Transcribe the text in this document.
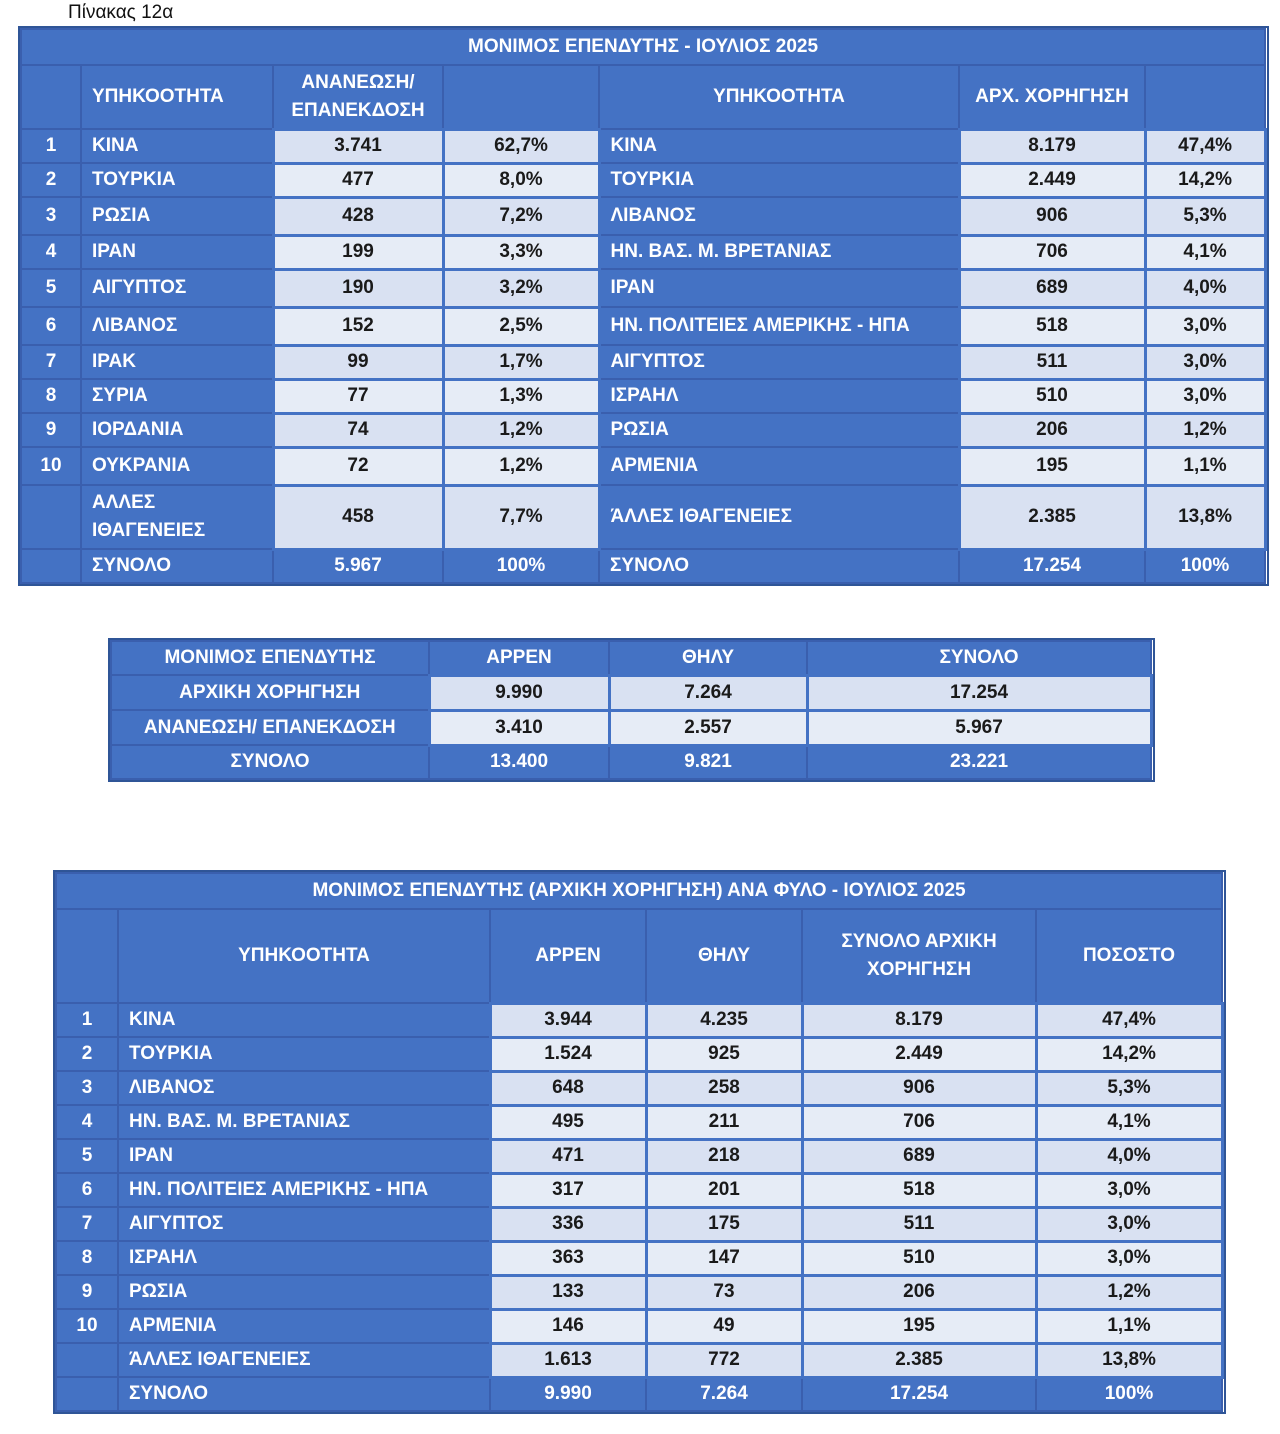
Πίνακας 12α
ΜΟΝΙΜΟΣ ΕΠΕΝΔΥΤΗΣ - ΙΟΥΛΙΟΣ 2025						
	ΥΠΗΚΟΟΤΗΤΑ	ΑΝΑΝΕΩΣΗ/ ΕΠΑΝΕΚΔΟΣΗ		ΥΠΗΚΟΟΤΗΤΑ	ΑΡΧ. ΧΟΡΗΓΗΣΗ	
1	ΚΙΝΑ	3.741	62,7%	ΚΙΝΑ	8.179	47,4%
2	ΤΟΥΡΚΙΑ	477	8,0%	ΤΟΥΡΚΙΑ	2.449	14,2%
3	ΡΩΣΙΑ	428	7,2%	ΛΙΒΑΝΟΣ	906	5,3%
4	ΙΡΑΝ	199	3,3%	ΗΝ. ΒΑΣ. Μ. ΒΡΕΤΑΝΙΑΣ	706	4,1%
5	ΑΙΓΥΠΤΟΣ	190	3,2%	ΙΡΑΝ	689	4,0%
6	ΛΙΒΑΝΟΣ	152	2,5%	ΗΝ. ΠΟΛΙΤΕΙΕΣ ΑΜΕΡΙΚΗΣ - ΗΠΑ	518	3,0%
7	ΙΡΑΚ	99	1,7%	ΑΙΓΥΠΤΟΣ	511	3,0%
8	ΣΥΡΙΑ	77	1,3%	ΙΣΡΑΗΛ	510	3,0%
9	ΙΟΡΔΑΝΙΑ	74	1,2%	ΡΩΣΙΑ	206	1,2%
10	ΟΥΚΡΑΝΙΑ	72	1,2%	ΑΡΜΕΝΙΑ	195	1,1%
	ΑΛΛΕΣ ΙΘΑΓΕΝΕΙΕΣ	458	7,7%	ΆΛΛΕΣ ΙΘΑΓΕΝΕΙΕΣ	2.385	13,8%
	ΣΥΝΟΛΟ	5.967	100%	ΣΥΝΟΛΟ	17.254	100%
ΜΟΝΙΜΟΣ ΕΠΕΝΔΥΤΗΣ	ΑΡΡΕΝ	ΘΗΛΥ	ΣΥΝΟΛΟ
ΑΡΧΙΚΗ ΧΟΡΗΓΗΣΗ	9.990	7.264	17.254
ΑΝΑΝΕΩΣΗ/ ΕΠΑΝΕΚΔΟΣΗ	3.410	2.557	5.967
ΣΥΝΟΛΟ	13.400	9.821	23.221
ΜΟΝΙΜΟΣ ΕΠΕΝΔΥΤΗΣ (ΑΡΧΙΚΗ ΧΟΡΗΓΗΣΗ) ΑΝΑ ΦΥΛΟ - ΙΟΥΛΙΟΣ 2025					
	ΥΠΗΚΟΟΤΗΤΑ	ΑΡΡΕΝ	ΘΗΛΥ	ΣΥΝΟΛΟ ΑΡΧΙΚΗ ΧΟΡΗΓΗΣΗ	ΠΟΣΟΣΤΟ
1	ΚΙΝΑ	3.944	4.235	8.179	47,4%
2	ΤΟΥΡΚΙΑ	1.524	925	2.449	14,2%
3	ΛΙΒΑΝΟΣ	648	258	906	5,3%
4	ΗΝ. ΒΑΣ. Μ. ΒΡΕΤΑΝΙΑΣ	495	211	706	4,1%
5	ΙΡΑΝ	471	218	689	4,0%
6	ΗΝ. ΠΟΛΙΤΕΙΕΣ ΑΜΕΡΙΚΗΣ - ΗΠΑ	317	201	518	3,0%
7	ΑΙΓΥΠΤΟΣ	336	175	511	3,0%
8	ΙΣΡΑΗΛ	363	147	510	3,0%
9	ΡΩΣΙΑ	133	73	206	1,2%
10	ΑΡΜΕΝΙΑ	146	49	195	1,1%
	ΆΛΛΕΣ ΙΘΑΓΕΝΕΙΕΣ	1.613	772	2.385	13,8%
	ΣΥΝΟΛΟ	9.990	7.264	17.254	100%
